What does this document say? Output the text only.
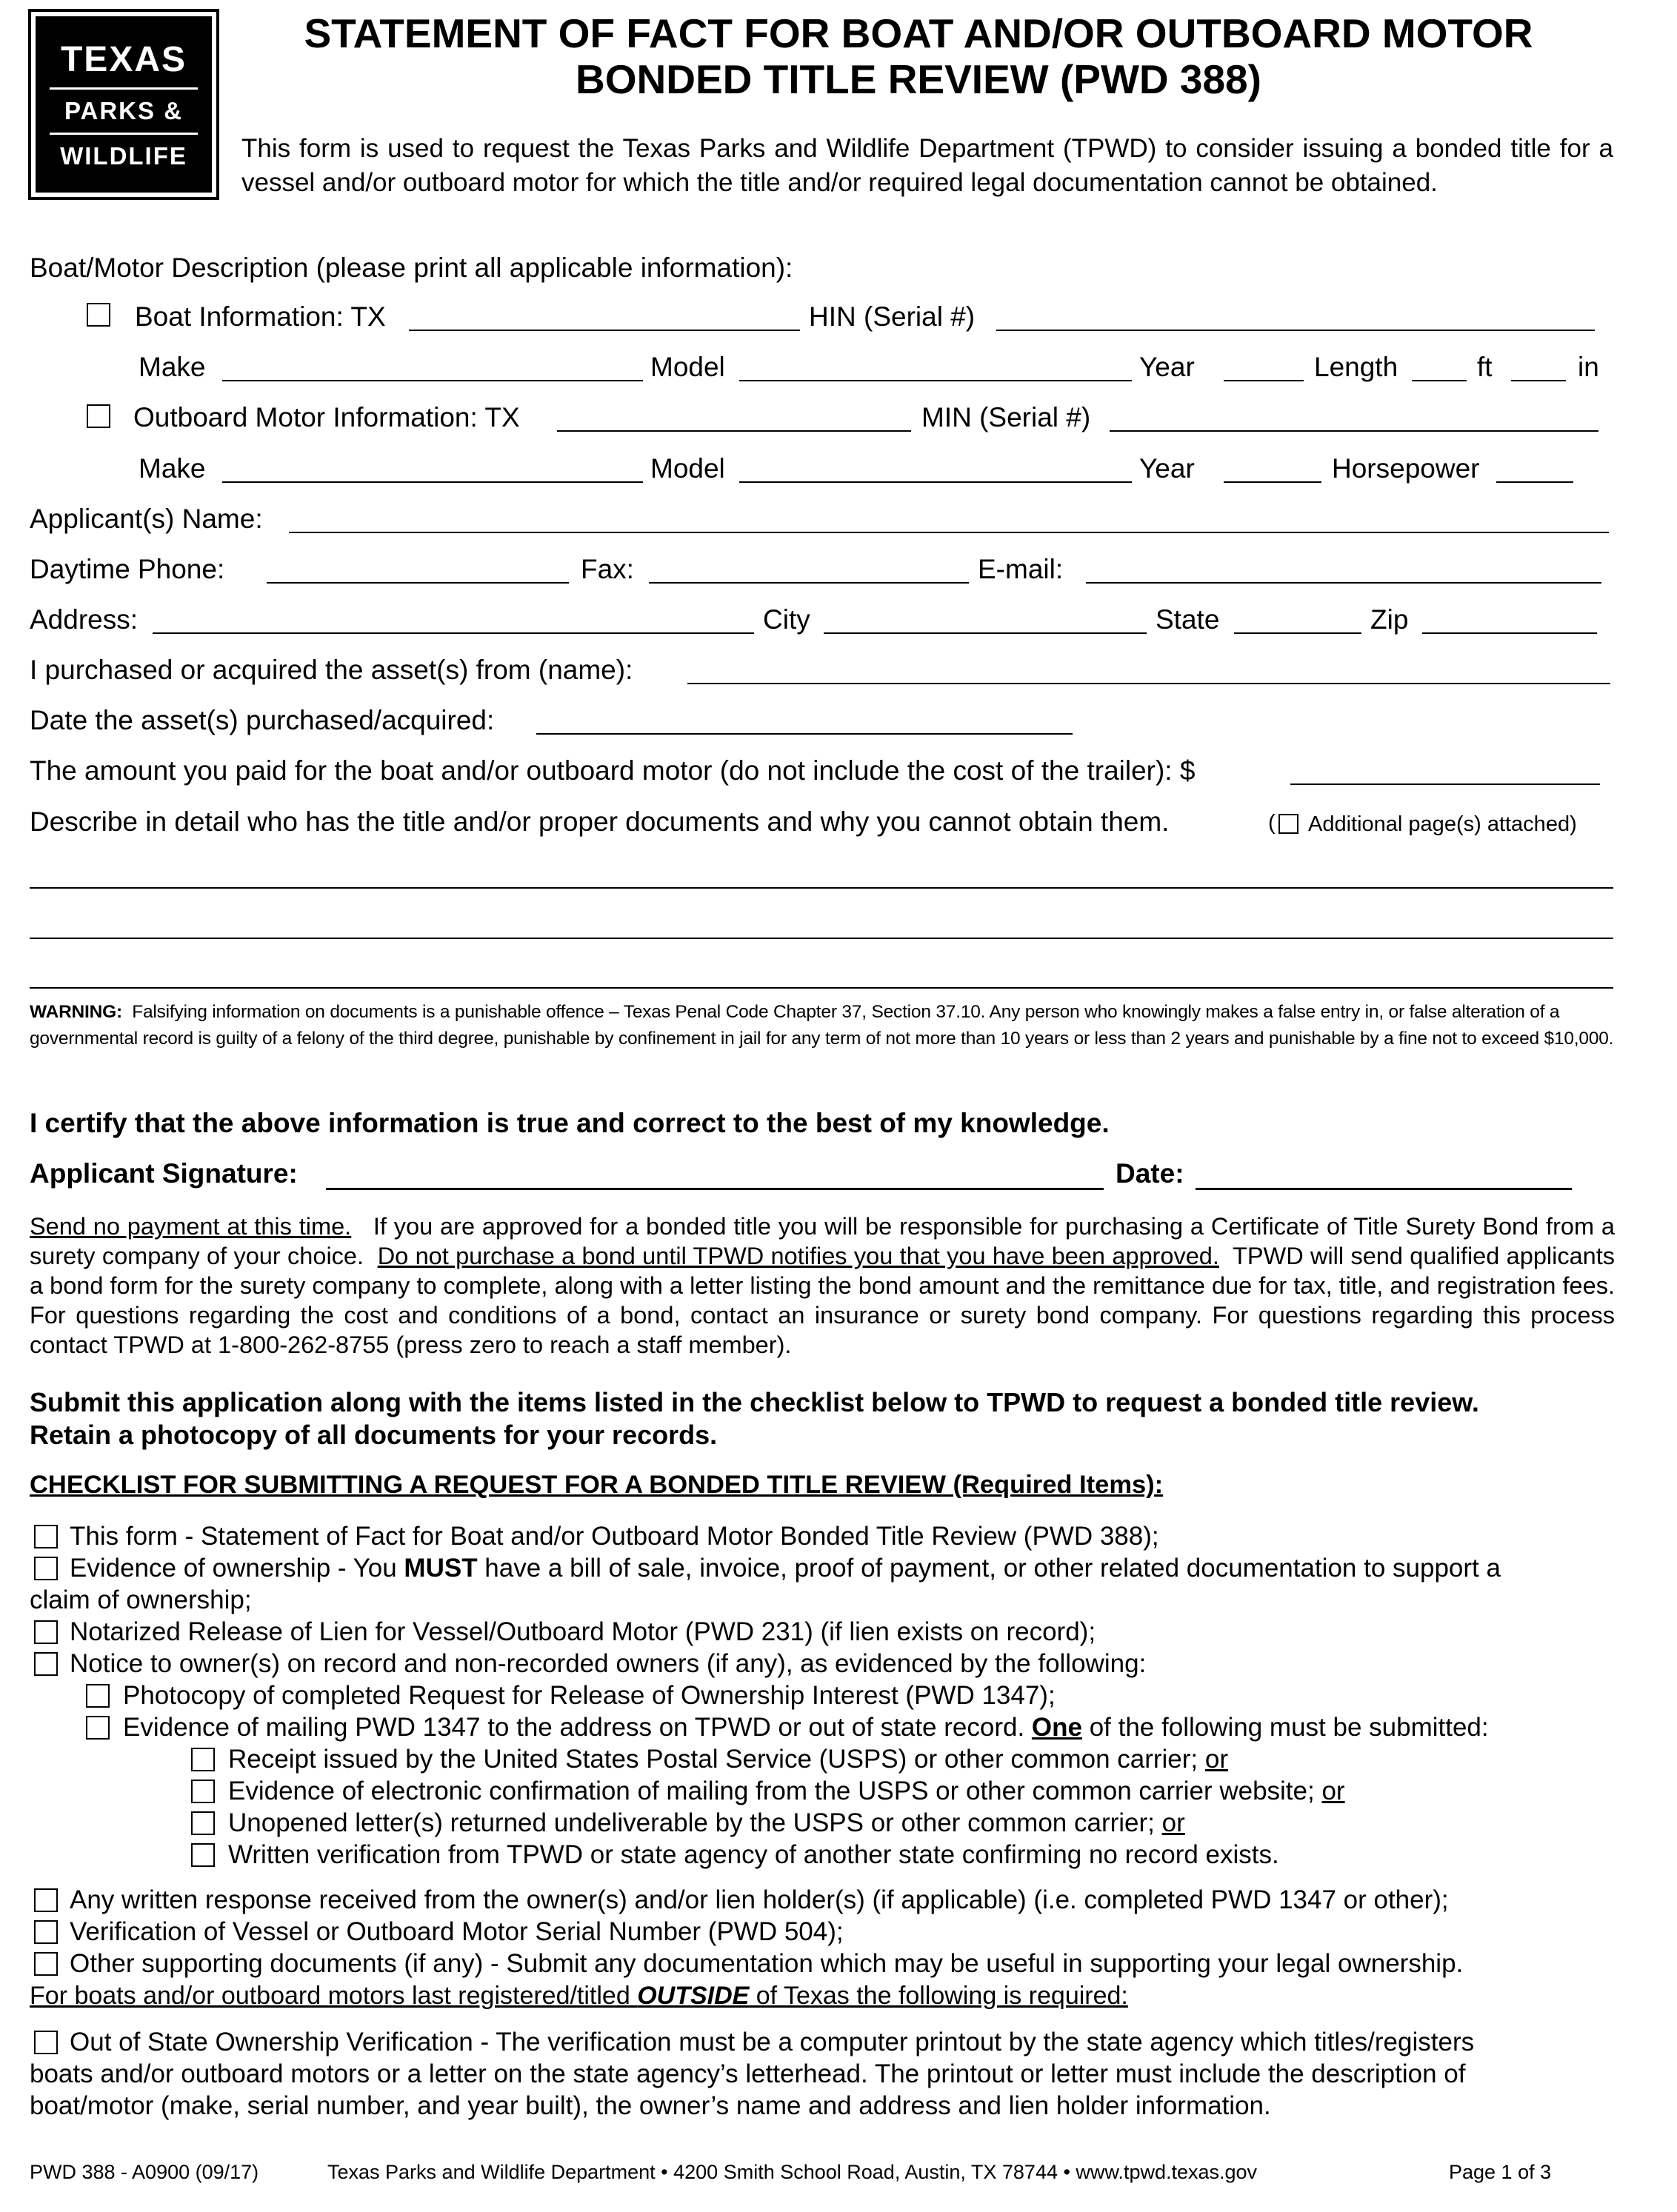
TEXAS
PARKS &
WILDLIFE
STATEMENT OF FACT FOR BOAT AND/OR OUTBOARD MOTOR
BONDED TITLE REVIEW (PWD 388)
This form is used to request the Texas Parks and Wildlife Department (TPWD) to consider issuing a bonded title for a vessel and/or outboard motor for which the title and/or required legal documentation cannot be obtained.
Boat/Motor Description (please print all applicable information):
Boat Information: TX	HIN (Serial #)
Make	Model	Year	Length	ft	in
Outboard Motor Information: TX	MIN (Serial #)
Make	Model	Year	Horsepower
Applicant(s) Name:
Daytime Phone:	Fax:	E-mail:
Address:	City	State	Zip
I purchased or acquired the asset(s) from (name):
Date the asset(s) purchased/acquired:
The amount you paid for the boat and/or outboard motor (do not include the cost of the trailer): $
Describe in detail who has the title and/or proper documents and why you cannot obtain them.	( Additional page(s) attached)
WARNING: Falsifying information on documents is a punishable offence – Texas Penal Code Chapter 37, Section 37.10. Any person who knowingly makes a false entry in, or false alteration of a governmental record is guilty of a felony of the third degree, punishable by confinement in jail for any term of not more than 10 years or less than 2 years and punishable by a fine not to exceed $10,000.
I certify that the above information is true and correct to the best of my knowledge.
Applicant Signature:	Date:
Send no payment at this time. If you are approved for a bonded title you will be responsible for purchasing a Certificate of Title Surety Bond from a surety company of your choice. Do not purchase a bond until TPWD notifies you that you have been approved. TPWD will send qualified applicants a bond form for the surety company to complete, along with a letter listing the bond amount and the remittance due for tax, title, and registration fees. For questions regarding the cost and conditions of a bond, contact an insurance or surety bond company. For questions regarding this process contact TPWD at 1-800-262-8755 (press zero to reach a staff member).
Submit this application along with the items listed in the checklist below to TPWD to request a bonded title review.
Retain a photocopy of all documents for your records.
CHECKLIST FOR SUBMITTING A REQUEST FOR A BONDED TITLE REVIEW (Required Items):
This form - Statement of Fact for Boat and/or Outboard Motor Bonded Title Review (PWD 388);
Evidence of ownership - You MUST have a bill of sale, invoice, proof of payment, or other related documentation to support a
claim of ownership;
Notarized Release of Lien for Vessel/Outboard Motor (PWD 231) (if lien exists on record);
Notice to owner(s) on record and non-recorded owners (if any), as evidenced by the following:
Photocopy of completed Request for Release of Ownership Interest (PWD 1347);
Evidence of mailing PWD 1347 to the address on TPWD or out of state record. One of the following must be submitted:
Receipt issued by the United States Postal Service (USPS) or other common carrier; or
Evidence of electronic confirmation of mailing from the USPS or other common carrier website; or
Unopened letter(s) returned undeliverable by the USPS or other common carrier; or
Written verification from TPWD or state agency of another state confirming no record exists.
Any written response received from the owner(s) and/or lien holder(s) (if applicable) (i.e. completed PWD 1347 or other);
Verification of Vessel or Outboard Motor Serial Number (PWD 504);
Other supporting documents (if any) - Submit any documentation which may be useful in supporting your legal ownership.
For boats and/or outboard motors last registered/titled OUTSIDE of Texas the following is required:
Out of State Ownership Verification - The verification must be a computer printout by the state agency which titles/registers
boats and/or outboard motors or a letter on the state agency’s letterhead. The printout or letter must include the description of
boat/motor (make, serial number, and year built), the owner’s name and address and lien holder information.
PWD 388 - A0900 (09/17)	Texas Parks and Wildlife Department • 4200 Smith School Road, Austin, TX 78744 • www.tpwd.texas.gov	Page 1 of 3
